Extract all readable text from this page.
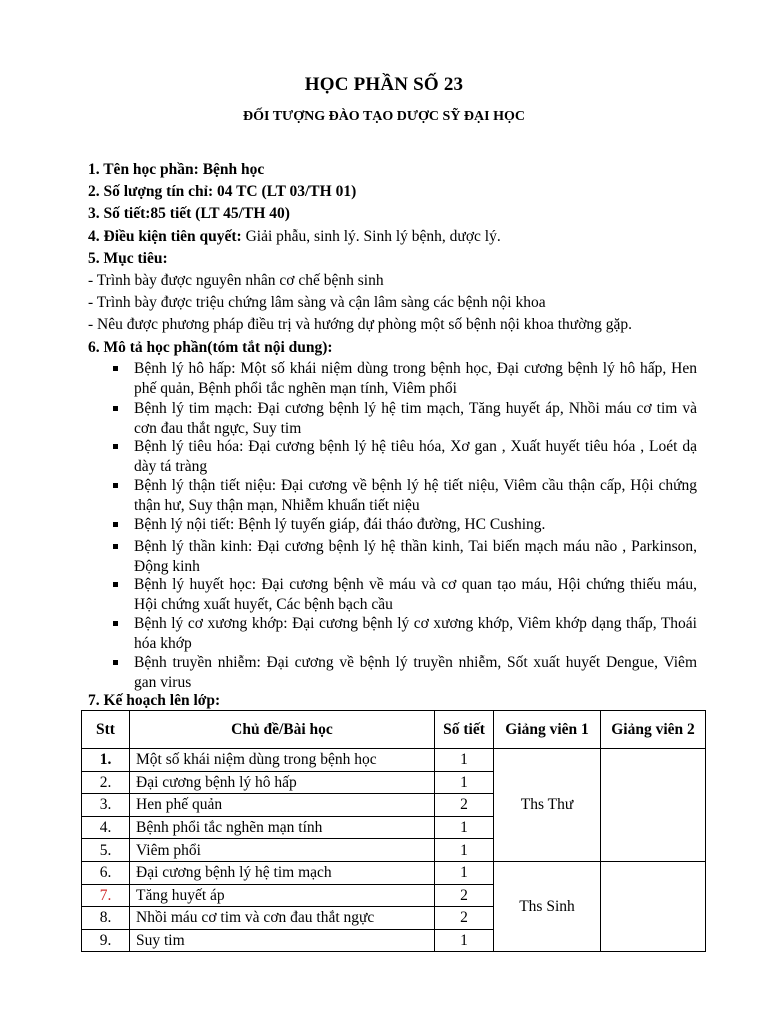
HỌC PHẦN SỐ 23
ĐỐI TƯỢNG ĐÀO TẠO DƯỢC SỸ ĐẠI HỌC
1. Tên học phần: Bệnh học
2. Số lượng tín chỉ: 04 TC (LT 03/TH 01)
3. Số tiết:85 tiết (LT 45/TH 40)
4. Điều kiện tiên quyết: Giải phẫu, sinh lý. Sinh lý bệnh, dược lý.
5. Mục tiêu:
- Trình bày được nguyên nhân cơ chế bệnh sinh
- Trình bày được triệu chứng lâm sàng và cận lâm sàng các bệnh nội khoa
- Nêu được phương pháp điều trị và hướng dự phòng một số bệnh nội khoa thường gặp.
6. Mô tả học phần(tóm tắt nội dung):
Bệnh lý hô hấp: Một số khái niệm dùng trong bệnh học, Đại cương bệnh lý hô hấp, Hen phế quản, Bệnh phổi tắc nghẽn mạn tính, Viêm phổi
Bệnh lý tim mạch: Đại cương bệnh lý hệ tim mạch, Tăng huyết áp, Nhồi máu cơ tim và cơn đau thắt ngực, Suy tim
Bệnh lý tiêu hóa: Đại cương bệnh lý hệ tiêu hóa, Xơ gan , Xuất huyết tiêu hóa , Loét dạ dày tá tràng
Bệnh lý thận tiết niệu: Đại cương về bệnh lý hệ tiết niệu, Viêm cầu thận cấp, Hội chứng thận hư, Suy thận mạn, Nhiễm khuẩn tiết niệu
Bệnh lý nội tiết: Bệnh lý tuyến giáp, đái tháo đường, HC Cushing.
Bệnh lý thần kinh: Đại cương bệnh lý hệ thần kinh, Tai biến mạch máu não , Parkinson, Động kinh
Bệnh lý huyết học: Đại cương bệnh về máu và cơ quan tạo máu, Hội chứng thiếu máu, Hội chứng xuất huyết, Các bệnh bạch cầu
Bệnh lý cơ xương khớp: Đại cương bệnh lý cơ xương khớp, Viêm khớp dạng thấp, Thoái hóa khớp
Bệnh truyền nhiễm: Đại cương về bệnh lý truyền nhiễm, Sốt xuất huyết Dengue, Viêm gan virus
7. Kế hoạch lên lớp:
Stt	Chủ đề/Bài học	Số tiết	Giảng viên 1	Giảng viên 2
1.	Một số khái niệm dùng trong bệnh học	1	Ths Thư	
2.	Đại cương bệnh lý hô hấp	1		
3.	Hen phế quản	2		
4.	Bệnh phổi tắc nghẽn mạn tính	1		
5.	Viêm phổi	1		
6.	Đại cương bệnh lý hệ tim mạch	1	Ths Sinh	
7.	Tăng huyết áp	2		
8.	Nhồi máu cơ tim và cơn đau thắt ngực	2		
9.	Suy tim	1		
